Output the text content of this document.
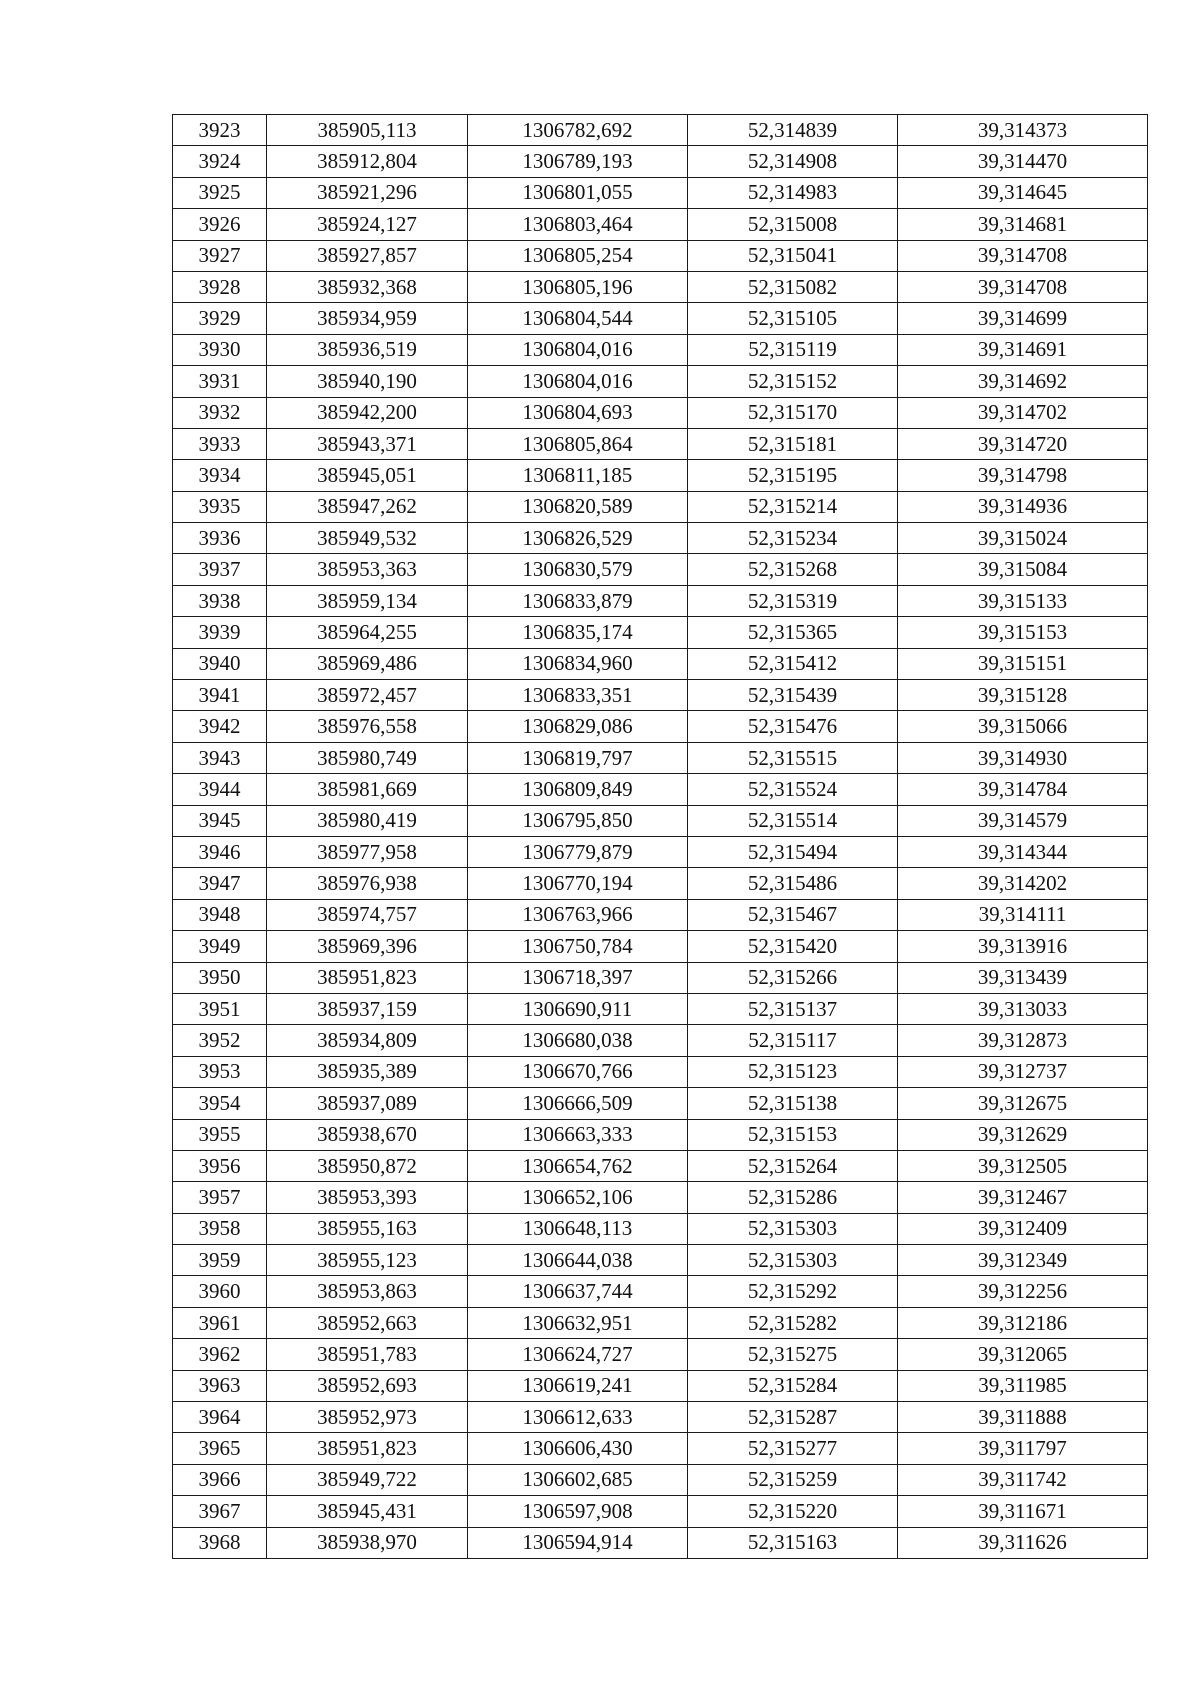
3923	385905,113	1306782,692	52,314839	39,314373
3924	385912,804	1306789,193	52,314908	39,314470
3925	385921,296	1306801,055	52,314983	39,314645
3926	385924,127	1306803,464	52,315008	39,314681
3927	385927,857	1306805,254	52,315041	39,314708
3928	385932,368	1306805,196	52,315082	39,314708
3929	385934,959	1306804,544	52,315105	39,314699
3930	385936,519	1306804,016	52,315119	39,314691
3931	385940,190	1306804,016	52,315152	39,314692
3932	385942,200	1306804,693	52,315170	39,314702
3933	385943,371	1306805,864	52,315181	39,314720
3934	385945,051	1306811,185	52,315195	39,314798
3935	385947,262	1306820,589	52,315214	39,314936
3936	385949,532	1306826,529	52,315234	39,315024
3937	385953,363	1306830,579	52,315268	39,315084
3938	385959,134	1306833,879	52,315319	39,315133
3939	385964,255	1306835,174	52,315365	39,315153
3940	385969,486	1306834,960	52,315412	39,315151
3941	385972,457	1306833,351	52,315439	39,315128
3942	385976,558	1306829,086	52,315476	39,315066
3943	385980,749	1306819,797	52,315515	39,314930
3944	385981,669	1306809,849	52,315524	39,314784
3945	385980,419	1306795,850	52,315514	39,314579
3946	385977,958	1306779,879	52,315494	39,314344
3947	385976,938	1306770,194	52,315486	39,314202
3948	385974,757	1306763,966	52,315467	39,314111
3949	385969,396	1306750,784	52,315420	39,313916
3950	385951,823	1306718,397	52,315266	39,313439
3951	385937,159	1306690,911	52,315137	39,313033
3952	385934,809	1306680,038	52,315117	39,312873
3953	385935,389	1306670,766	52,315123	39,312737
3954	385937,089	1306666,509	52,315138	39,312675
3955	385938,670	1306663,333	52,315153	39,312629
3956	385950,872	1306654,762	52,315264	39,312505
3957	385953,393	1306652,106	52,315286	39,312467
3958	385955,163	1306648,113	52,315303	39,312409
3959	385955,123	1306644,038	52,315303	39,312349
3960	385953,863	1306637,744	52,315292	39,312256
3961	385952,663	1306632,951	52,315282	39,312186
3962	385951,783	1306624,727	52,315275	39,312065
3963	385952,693	1306619,241	52,315284	39,311985
3964	385952,973	1306612,633	52,315287	39,311888
3965	385951,823	1306606,430	52,315277	39,311797
3966	385949,722	1306602,685	52,315259	39,311742
3967	385945,431	1306597,908	52,315220	39,311671
3968	385938,970	1306594,914	52,315163	39,311626
